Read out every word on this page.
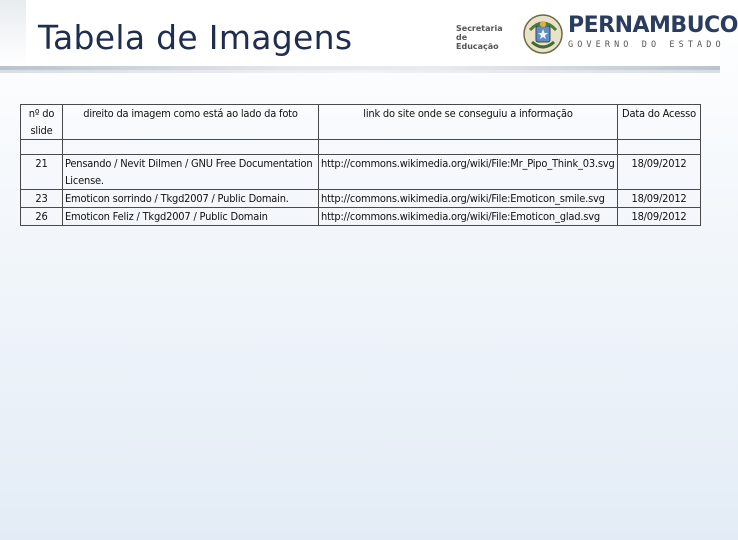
Tabela de Imagens	Secretaria de
Educação
PERNAMBUCO
GOVERNO DO ESTADO
nº do slide	direito da imagem como está ao lado da foto	link do site onde se conseguiu a informação	Data do Acesso

21	Pensando / Nevit Dilmen / GNU Free Documentation License.	http://commons.wikimedia.org/wiki/File:Mr_Pipo_Think_03.svg	18/09/2012
23	Emoticon sorrindo / Tkgd2007 / Public Domain.	http://commons.wikimedia.org/wiki/File:Emoticon_smile.svg	18/09/2012
26	Emoticon Feliz / Tkgd2007 / Public Domain	http://commons.wikimedia.org/wiki/File:Emoticon_glad.svg	18/09/2012
